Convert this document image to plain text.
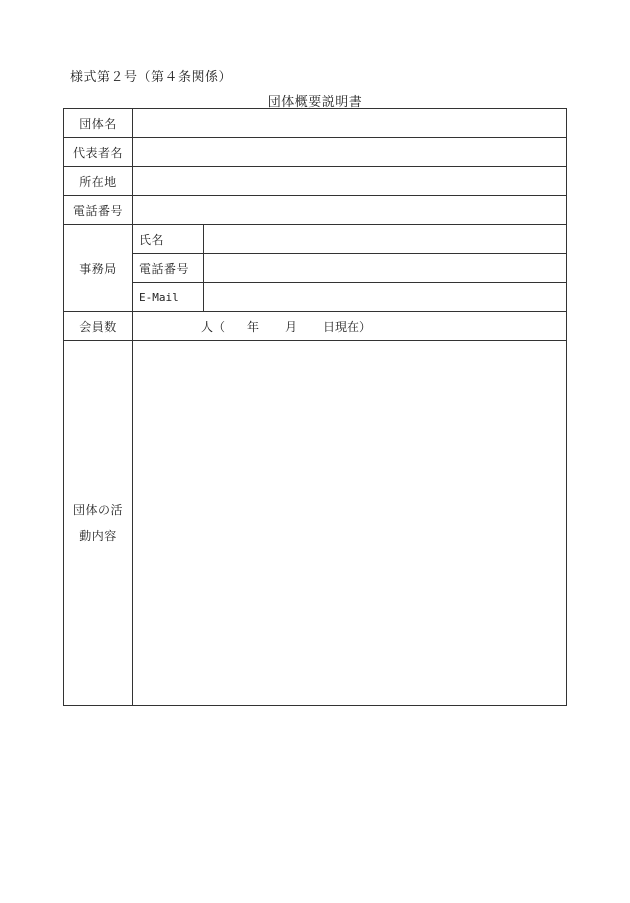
様式第２号（第４条関係）
団体概要説明書
団体名		
代表者名		
所在地		
電話番号		
事務局	氏名	
	電話番号	
	E-Mail	
会員数	人（ 年 月 日現在）	

団体の活
動内容		
